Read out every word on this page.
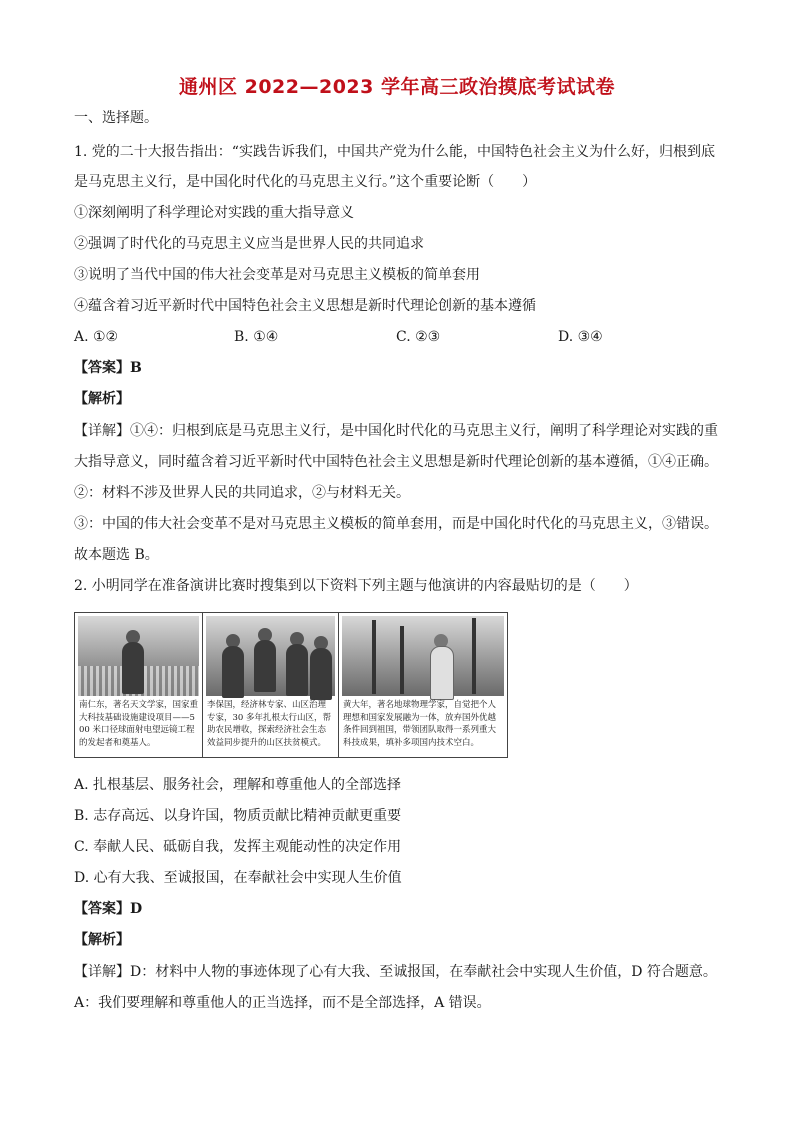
通州区 2022—2023 学年高三政治摸底考试试卷
一、选择题。
1. 党的二十大报告指出：“实践告诉我们，中国共产党为什么能，中国特色社会主义为什么好，归根到底
是马克思主义行，是中国化时代化的马克思主义行。”这个重要论断（　　）
①深刻阐明了科学理论对实践的重大指导意义
②强调了时代化的马克思主义应当是世界人民的共同追求
③说明了当代中国的伟大社会变革是对马克思主义模板的简单套用
④蕴含着习近平新时代中国特色社会主义思想是新时代理论创新的基本遵循
A. ①②	B. ①④	C. ②③	D. ③④
【答案】B
【解析】
【详解】①④：归根到底是马克思主义行，是中国化时代化的马克思主义行，阐明了科学理论对实践的重
大指导意义，同时蕴含着习近平新时代中国特色社会主义思想是新时代理论创新的基本遵循，①④正确。
②：材料不涉及世界人民的共同追求，②与材料无关。
③：中国的伟大社会变革不是对马克思主义模板的简单套用，而是中国化时代化的马克思主义，③错误。
故本题选 B。
2. 小明同学在准备演讲比赛时搜集到以下资料下列主题与他演讲的内容最贴切的是（　　）
南仁东，著名天文学家，国家重大科技基础设施建设项目——500 米口径球面射电望远镜工程的发起者和奠基人。
李保国，经济林专家、山区治理专家，30 多年扎根太行山区，帮助农民增收，探索经济社会生态效益同步提升的山区扶贫模式。
黄大年，著名地球物理学家，自觉把个人理想和国家发展融为一体，放弃国外优越条件回到祖国，带领团队取得一系列重大科技成果，填补多项国内技术空白。
A. 扎根基层、服务社会，理解和尊重他人的全部选择
B. 志存高远、以身许国，物质贡献比精神贡献更重要
C. 奉献人民、砥砺自我，发挥主观能动性的决定作用
D. 心有大我、至诚报国，在奉献社会中实现人生价值
【答案】D
【解析】
【详解】D：材料中人物的事迹体现了心有大我、至诚报国，在奉献社会中实现人生价值，D 符合题意。
A：我们要理解和尊重他人的正当选择，而不是全部选择，A 错误。
